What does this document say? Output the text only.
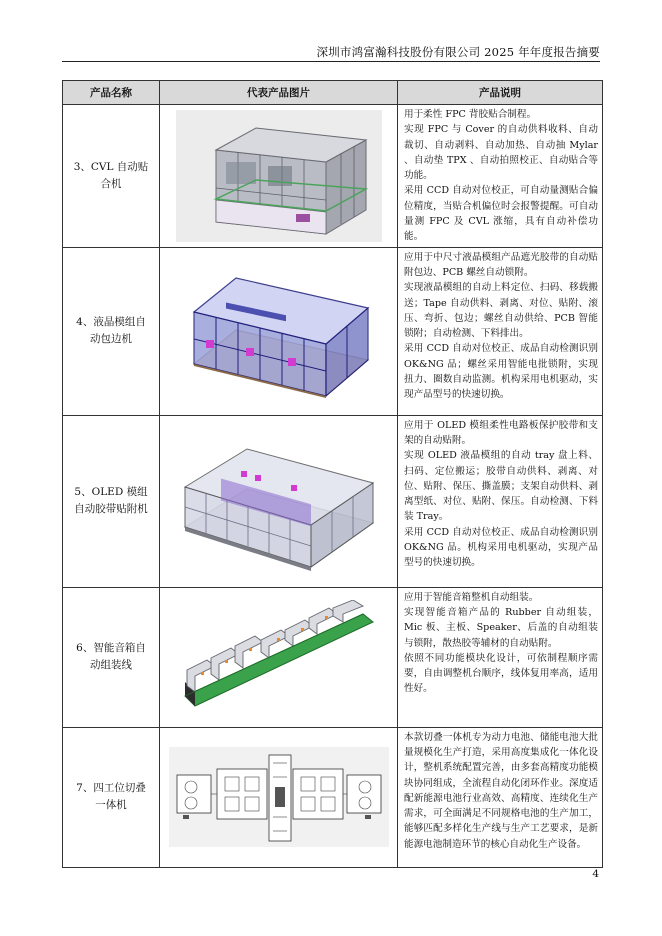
深圳市鸿富瀚科技股份有限公司 2025 年年度报告摘要
产品名称	代表产品图片	产品说明
3、CVL 自动贴合机		用于柔性 FPC 背胶贴合制程。

实现 FPC 与 Cover 的自动供料收料、自动裁切、自动剥料、自动加热、自动抽 Mylar 、自动垫 TPX 、自动拍照校正、自动贴合等功能。

采用 CCD 自动对位校正，可自动量测贴合偏位精度，当贴合机偏位时会报警提醒。可自动量测 FPC 及 CVL 涨缩，具有自动补偿功能。

4、液晶模组自动包边机		应用于中尺寸液晶模组产品遮光胶带的自动贴附包边、PCB 螺丝自动锁附。

实现液晶模组的自动上料定位、扫码、移载搬送；Tape 自动供料、剥离、对位、贴附、滚压、弯折、包边；螺丝自动供给、PCB 智能锁附；自动检测、下料排出。

采用 CCD 自动对位校正、成品自动检测识别 OK&NG 品；螺丝采用智能电批锁附，实现扭力、圈数自动监测。机构采用电机驱动，实现产品型号的快速切换。

5、OLED 模组自动胶带贴附机		应用于 OLED 模组柔性电路板保护胶带和支架的自动贴附。

实现 OLED 液晶模组的自动 tray 盘上料、扫码、定位搬运；胶带自动供料、剥离、对位、贴附、保压、撕盖膜；支架自动供料、剥离型纸、对位、贴附、保压。自动检测、下料装 Tray。

采用 CCD 自动对位校正、成品自动检测识别 OK&NG 品。机构采用电机驱动，实现产品型号的快速切换。

6、智能音箱自动组装线		应用于智能音箱整机自动组装。

实现智能音箱产品的 Rubber 自动组装，Mic 板、主板、Speaker、后盖的自动组装与锁附，散热胶等辅材的自动贴附。

依照不同功能模块化设计，可依制程顺序需要，自由调整机台顺序，线体复用率高，适用性好。

7、四工位切叠一体机		本款切叠一体机专为动力电池、储能电池大批量规模化生产打造，采用高度集成化一体化设计，整机系统配置完善，由多套高精度功能模块协同组成，全流程自动化闭环作业。深度适配新能源电池行业高效、高精度、连续化生产需求，可全面满足不同规格电池的生产加工，能够匹配多样化生产线与生产工艺要求，是新能源电池制造环节的核心自动化生产设备。

4
